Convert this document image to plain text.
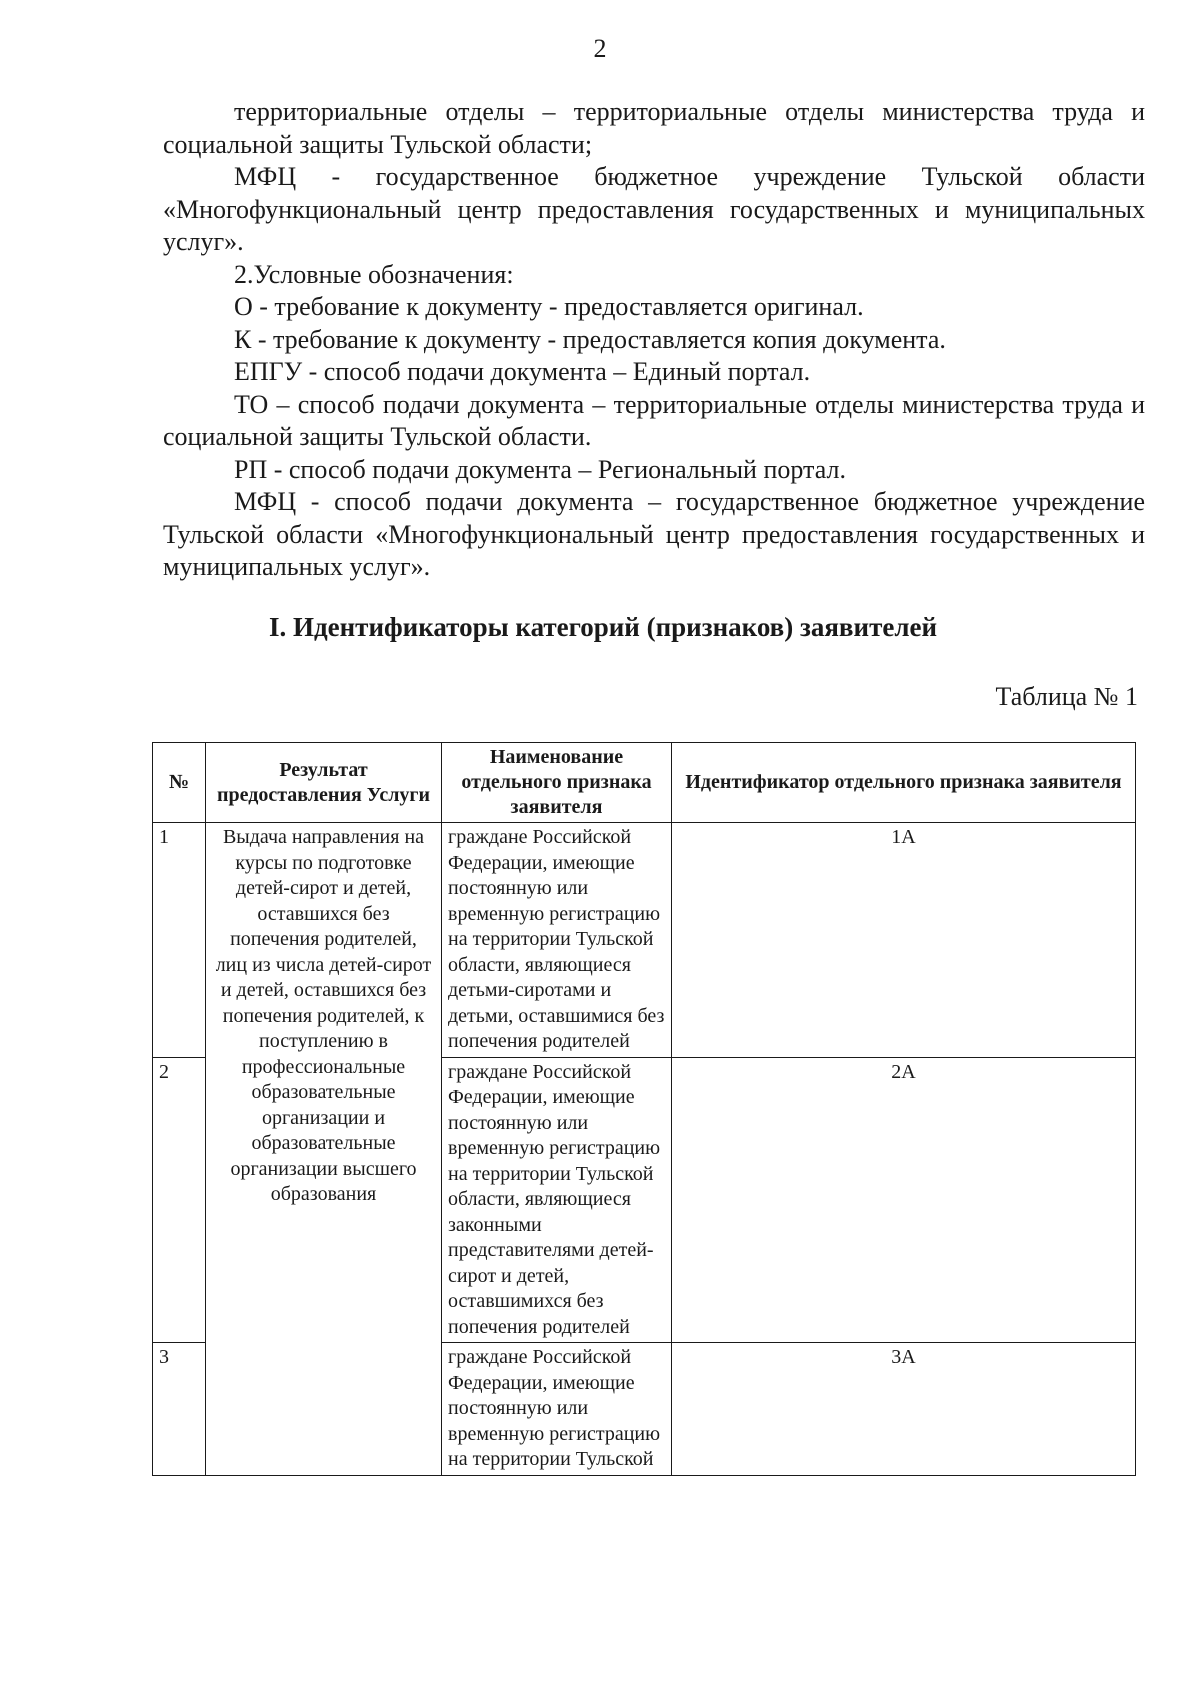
2

территориальные отделы – территориальные отделы министерства труда и социальной защиты Тульской области;

МФЦ - государственное бюджетное учреждение Тульской области «Многофункциональный центр предоставления государственных и муниципальных услуг».

2.Условные обозначения:

О - требование к документу - предоставляется оригинал.

К - требование к документу - предоставляется копия документа.

ЕПГУ - способ подачи документа – Единый портал.

ТО – способ подачи документа – территориальные отделы министерства труда и социальной защиты Тульской области.

РП - способ подачи документа – Региональный портал.

МФЦ - способ подачи документа – государственное бюджетное учреждение Тульской области «Многофункциональный центр предоставления государственных и муниципальных услуг».

I. Идентификаторы категорий (признаков) заявителей
Таблица № 1
№	Результат предоставления Услуги	Наименование отдельного признака заявителя	Идентификатор отдельного признака заявителя
1	Выдача направления на курсы по подготовке детей-сирот и детей, оставшихся без попечения родителей, лиц из числа детей-сирот и детей, оставшихся без попечения родителей, к поступлению в профессиональные образовательные организации и образовательные организации высшего образования	граждане Российской Федерации, имеющие постоянную или временную регистрацию на территории Тульской области, являющиеся детьми-сиротами и детьми, оставшимися без попечения родителей	1А
2		граждане Российской Федерации, имеющие постоянную или временную регистрацию на территории Тульской области, являющиеся законными представителями детей-сирот и детей, оставшимихся без попечения родителей	2А
3		граждане Российской Федерации, имеющие постоянную или временную регистрацию на территории Тульской	3А
